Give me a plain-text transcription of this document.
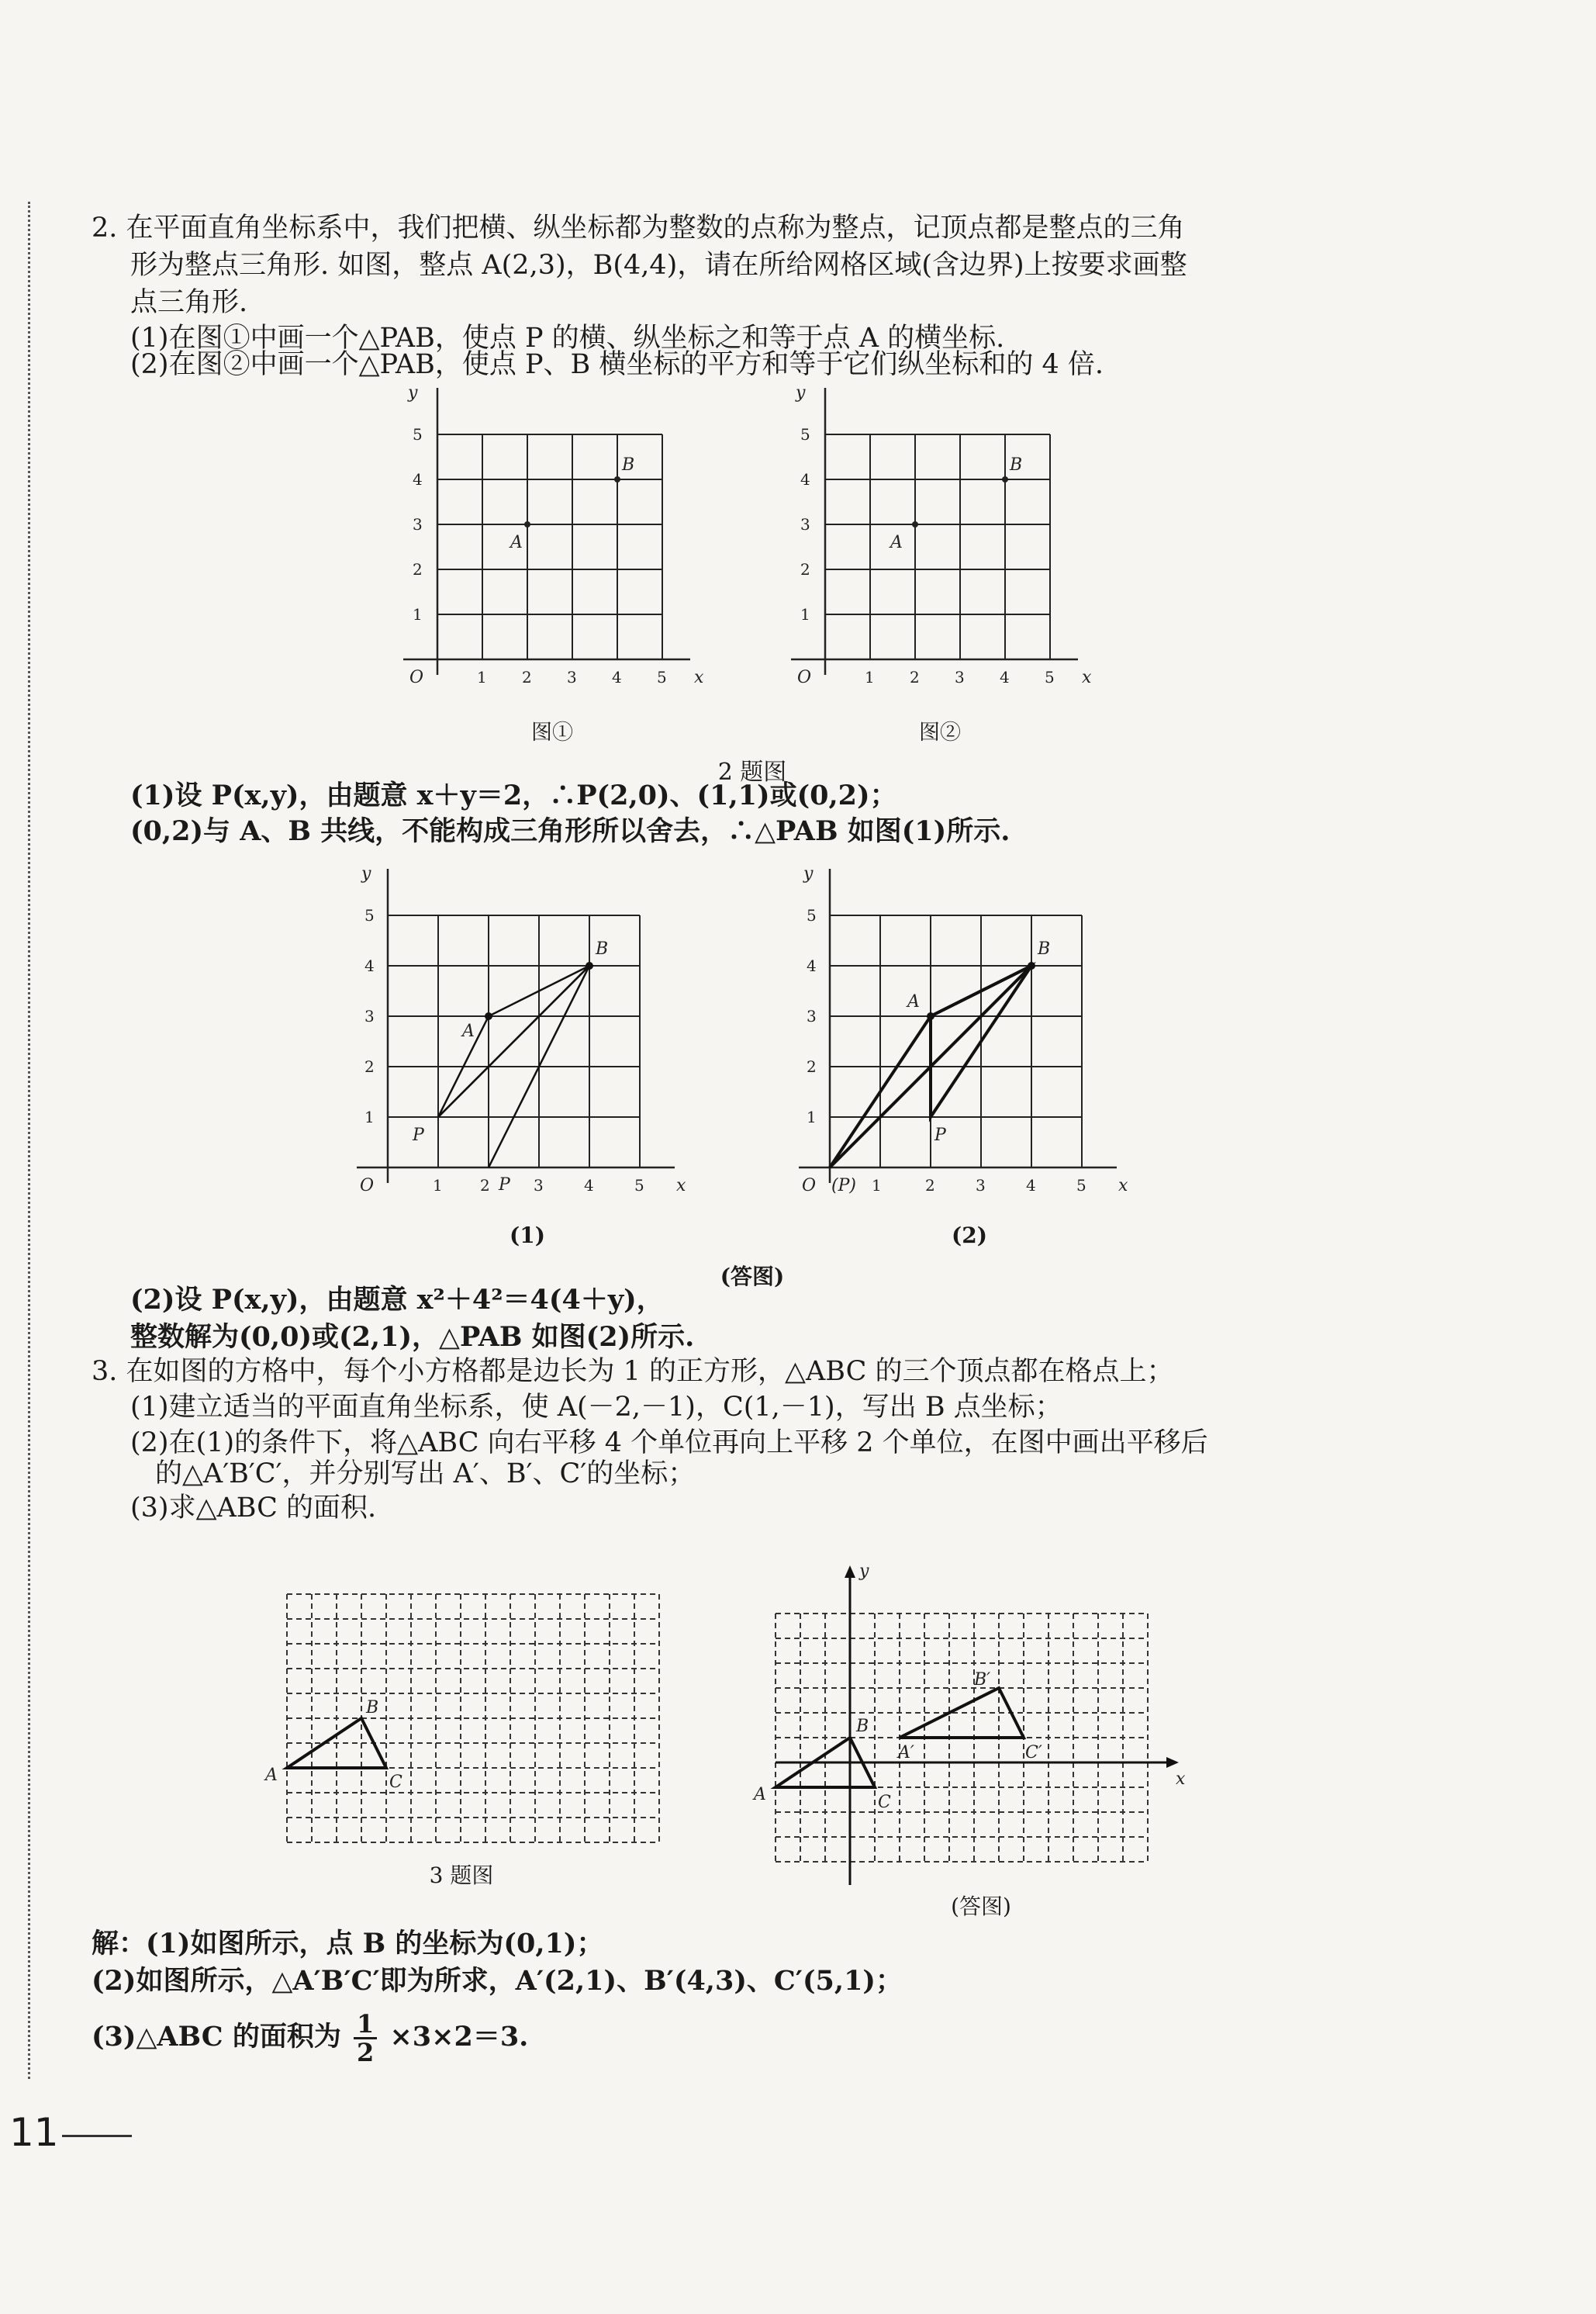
2. 在平面直角坐标系中，我们把横、纵坐标都为整数的点称为整点，记顶点都是整点的三角
形为整点三角形. 如图，整点 A(2,3)，B(4,4)，请在所给网格区域(含边界)上按要求画整
点三角形.
(1)在图①中画一个△PAB，使点 P 的横、纵坐标之和等于点 A 的横坐标.
(2)在图②中画一个△PAB，使点 P、B 横坐标的平方和等于它们纵坐标和的 4 倍.
y
x
A
B
O	1 2 3 4 5
1
2
3
4
5
图①
y
x
A
B
O	1 2 3 4 5
1
2
3
4
5
图②
2 题图
(1)设 P(x,y)，由题意 x＋y＝2，∴P(2,0)、(1,1)或(0,2)；
(0,2)与 A、B 共线，不能构成三角形所以舍去，∴△PAB 如图(1)所示.
y
x
A
B
P
P
O	1 2	3	4	5
1
2
3
4
5
y
x
A
B
P
O (P) 1	2	3	4	5
1
2
3
4
5
(1)	(2)
(答图)
(2)设 P(x,y)，由题意 x²＋4²＝4(4＋y)，
整数解为(0,0)或(2,1)，△PAB 如图(2)所示.
3. 在如图的方格中，每个小方格都是边长为 1 的正方形，△ABC 的三个顶点都在格点上；
(1)建立适当的平面直角坐标系，使 A(－2,－1)，C(1,－1)，写出 B 点坐标；
(2)在(1)的条件下，将△ABC 向右平移 4 个单位再向上平移 2 个单位，在图中画出平移后
的△A′B′C′，并分别写出 A′、B′、C′的坐标；
(3)求△ABC 的面积.
A
B
C
3 题图
y
x
A
B
C
A′
B′
C′
(答图)
解：(1)如图所示，点 B 的坐标为(0,1)；
(2)如图所示，△A′B′C′即为所求，A′(2,1)、B′(4,3)、C′(5,1)；
(3)△ABC 的面积为 $\frac{1}{2} \times 3\times 2=3$.
11
